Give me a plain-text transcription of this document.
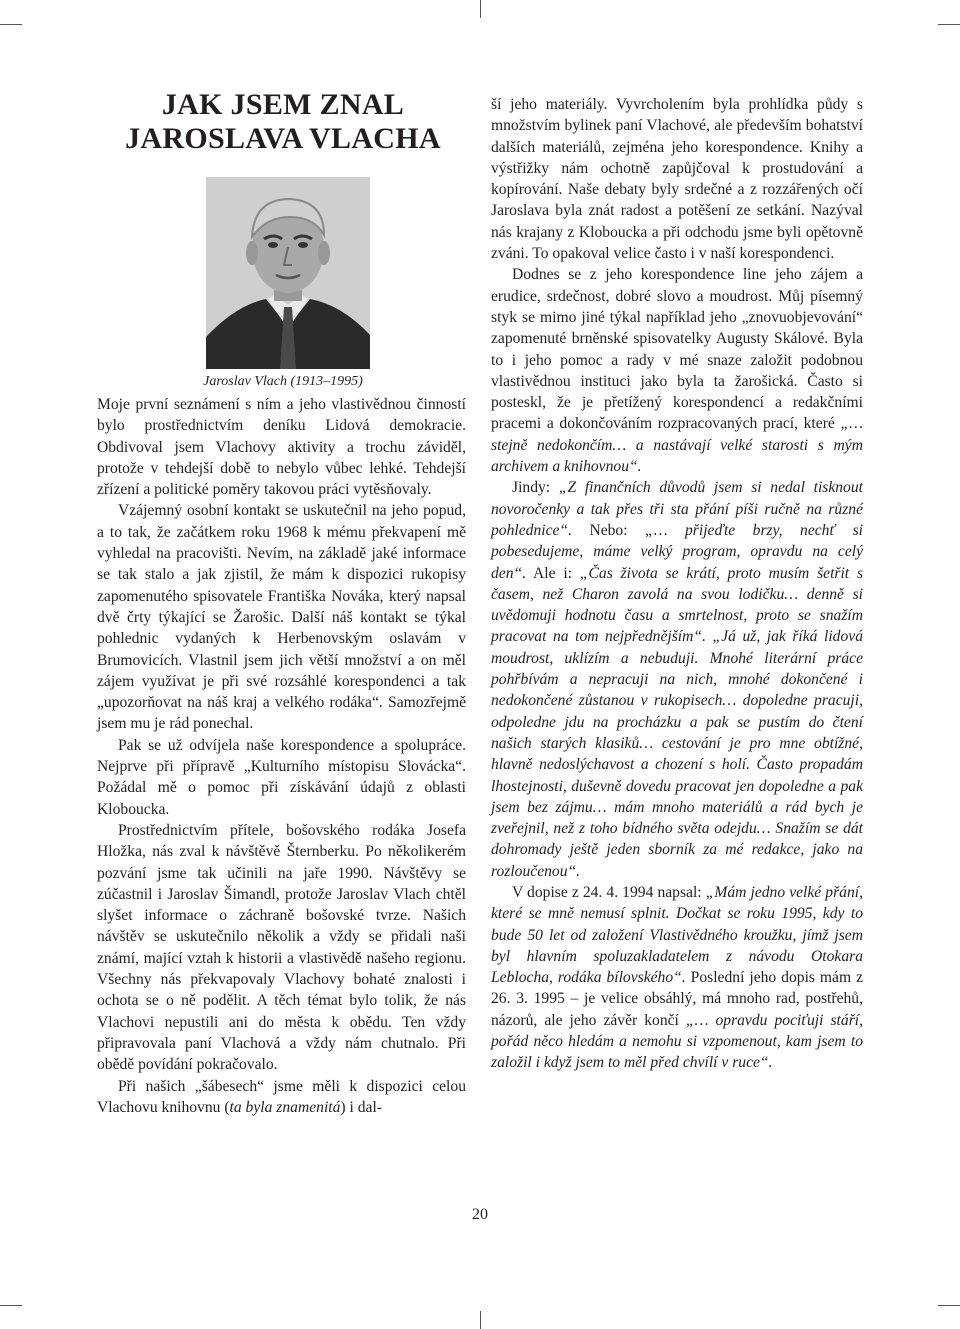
JAK JSEM ZNAL
JAROSLAVA VLACHA

Jaroslav Vlach (1913–1995)

Moje první seznámení s ním a jeho vlastivědnou činností bylo prostřednictvím deníku Lidová demokracie. Obdivoval jsem Vlachovy aktivity a trochu záviděl, protože v tehdejší době to nebylo vůbec lehké. Tehdejší zřízení a politické poměry takovou práci vytěsňovaly.

Vzájemný osobní kontakt se uskutečnil na jeho popud, a to tak, že začátkem roku 1968 k mému překvapení mě vyhledal na pracovišti. Nevím, na základě jaké informace se tak stalo a jak zjistil, že mám k dispozici rukopisy zapomenutého spisovatele Františka Nováka, který napsal dvě črty týkající se Žarošic. Další náš kontakt se týkal pohlednic vydaných k Herbenovským oslavám v Brumovicích. Vlastnil jsem jich větší množství a on měl zájem využívat je při své rozsáhlé korespondenci a tak „upozorňovat na náš kraj a velkého rodáka“. Samozřejmě jsem mu je rád ponechal.

Pak se už odvíjela naše korespondence a spolupráce. Nejprve při přípravě „Kulturního místopisu Slovácka“. Požádal mě o pomoc při získávání údajů z oblasti Kloboucka.

Prostřednictvím přítele, bošovského rodáka Josefa Hložka, nás zval k návštěvě Šternberku. Po několikerém pozvání jsme tak učinili na jaře 1990. Návštěvy se zúčastnil i Jaroslav Šimandl, protože Jaroslav Vlach chtěl slyšet informace o záchraně bošovské tvrze. Našich návštěv se uskutečnilo několik a vždy se přidali naši známí, mající vztah k historii a vlastivědě našeho regionu. Všechny nás překvapovaly Vlachovy bohaté znalosti i ochota se o ně podělit. A těch témat bylo tolik, že nás Vlachovi nepustili ani do města k obědu. Ten vždy připravovala paní Vlachová a vždy nám chutnalo. Při obědě povídání pokračovalo.

Při našich „šábesech“ jsme měli k dispozici celou Vlachovu knihovnu (ta byla znamenitá) i dal-

ší jeho materiály. Vyvrcholením byla prohlídka půdy s množstvím bylinek paní Vlachové, ale především bohatství dalších materiálů, zejména jeho korespondence. Knihy a výstřižky nám ochotně zapůjčoval k prostudování a kopírování. Naše debaty byly srdečné a z rozzářených očí Jaroslava byla znát radost a potěšení ze setkání. Nazýval nás krajany z Kloboucka a při odchodu jsme byli opětovně zváni. To opakoval velice často i v naší korespondenci.

Dodnes se z jeho korespondence line jeho zájem a erudice, srdečnost, dobré slovo a moudrost. Můj písemný styk se mimo jiné týkal například jeho „znovuobjevování“ zapomenuté brněnské spisovatelky Augusty Skálové. Byla to i jeho pomoc a rady v mé snaze založit podobnou vlastivědnou instituci jako byla ta žarošická. Často si posteskl, že je přetížený korespondencí a redakčními pracemi a dokončováním rozpracovaných prací, které „… stejně nedokončím… a nastávají velké starosti s mým archivem a knihovnou“.

Jindy: „Z finančních důvodů jsem si nedal tisknout novoročenky a tak přes tři sta přání píši ručně na různé pohlednice“. Nebo: „… přijeďte brzy, nechť si pobesedujeme, máme velký program, opravdu na celý den“. Ale i: „Čas života se krátí, proto musím šetřit s časem, než Charon zavolá na svou lodičku… denně si uvědomuji hodnotu času a smrtelnost, proto se snažím pracovat na tom nejpřednějším“. „Já už, jak říká lidová moudrost, uklízím a nebuduji. Mnohé literární práce pohřbívám a nepracuji na nich, mnohé dokončené i nedokončené zůstanou v rukopisech… dopoledne pracuji, odpoledne jdu na procházku a pak se pustím do čtení našich starých klasiků… cestování je pro mne obtížné, hlavně nedoslýchavost a chození s holí. Často propadám lhostejnosti, duševně dovedu pracovat jen dopoledne a pak jsem bez zájmu… mám mnoho materiálů a rád bych je zveřejnil, než z toho bídného světa odejdu… Snažím se dát dohromady ještě jeden sborník za mé redakce, jako na rozloučenou“.

V dopise z 24. 4. 1994 napsal: „Mám jedno velké přání, které se mně nemusí splnit. Dočkat se roku 1995, kdy to bude 50 let od založení Vlastivědného kroužku, jímž jsem byl hlavním spoluzakladatelem z návodu Otokara Leblocha, rodáka bílovského“. Poslední jeho dopis mám z 26. 3. 1995 – je velice obsáhlý, má mnoho rad, postřehů, názorů, ale jeho závěr končí „… opravdu pociťuji stáří, pořád něco hledám a nemohu si vzpomenout, kam jsem to založil i když jsem to měl před chvílí v ruce“.

20
